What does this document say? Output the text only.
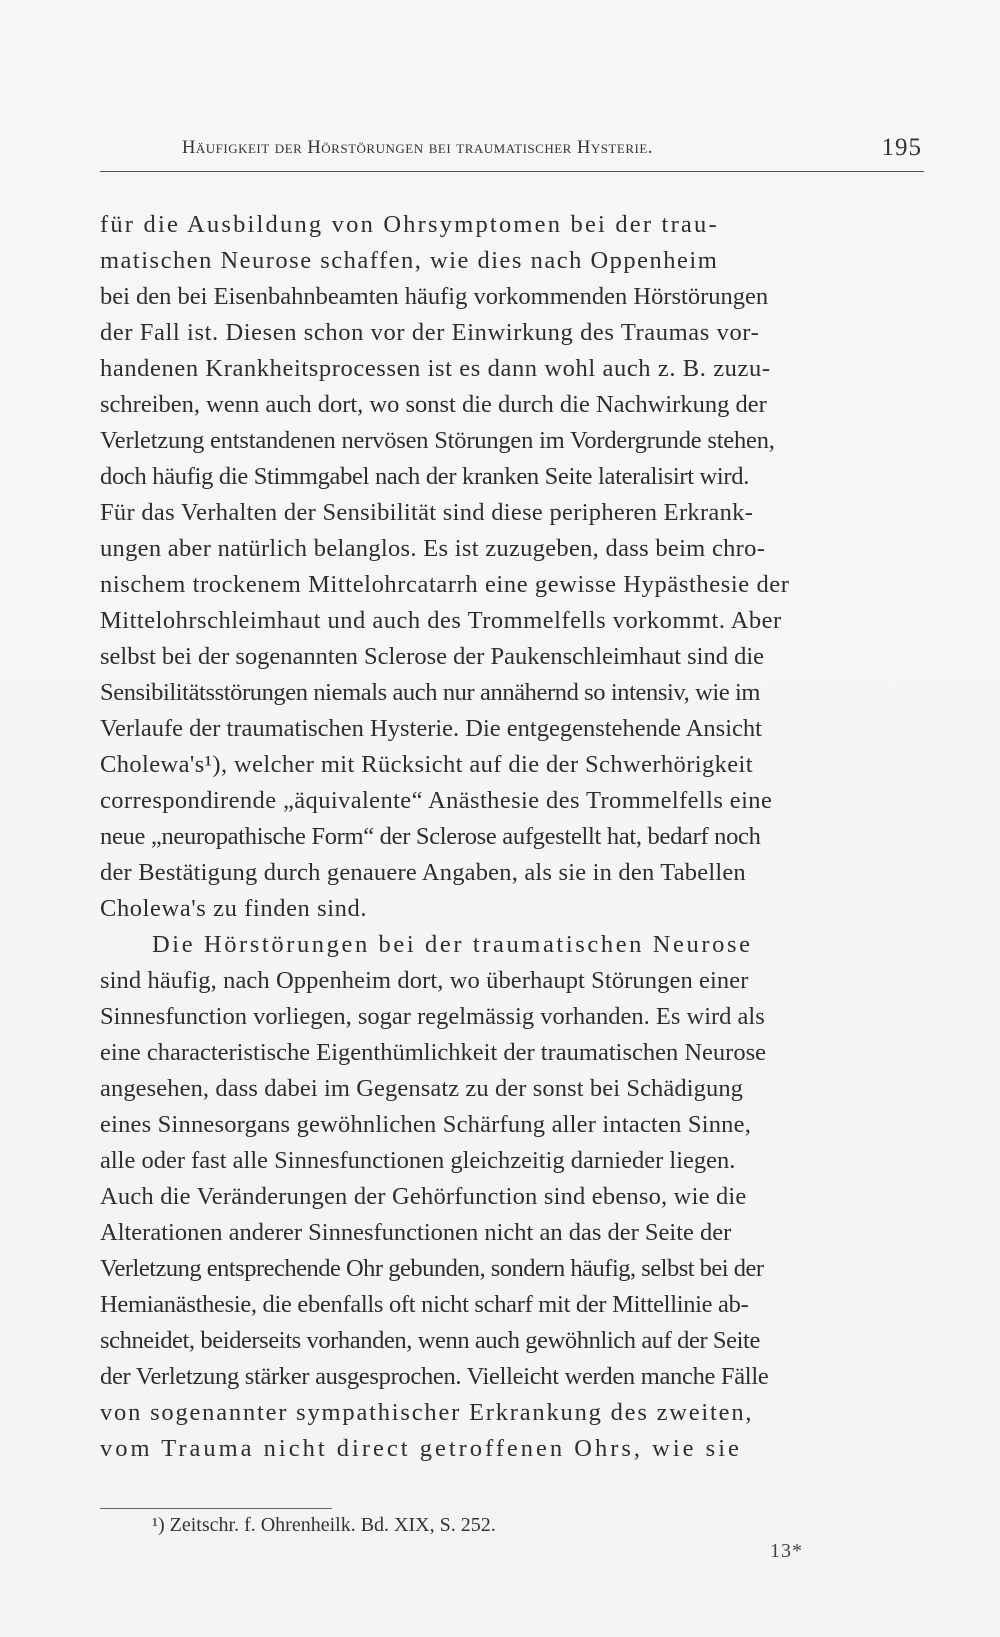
Häufigkeit der Hörstörungen bei traumatischer Hysterie.	195
für die Ausbildung von Ohrsymptomen bei der trau-
matischen Neurose schaffen, wie dies nach Oppenheim
bei den bei Eisenbahnbeamten häufig vorkommenden Hörstörungen
der Fall ist. Diesen schon vor der Einwirkung des Traumas vor-
handenen Krankheitsprocessen ist es dann wohl auch z. B. zuzu-
schreiben, wenn auch dort, wo sonst die durch die Nachwirkung der
Verletzung entstandenen nervösen Störungen im Vordergrunde stehen,
doch häufig die Stimmgabel nach der kranken Seite lateralisirt wird.
Für das Verhalten der Sensibilität sind diese peripheren Erkrank-
ungen aber natürlich belanglos. Es ist zuzugeben, dass beim chro-
nischem trockenem Mittelohrcatarrh eine gewisse Hypästhesie der
Mittelohrschleimhaut und auch des Trommelfells vorkommt. Aber
selbst bei der sogenannten Sclerose der Paukenschleimhaut sind die
Sensibilitätsstörungen niemals auch nur annähernd so intensiv, wie im
Verlaufe der traumatischen Hysterie. Die entgegenstehende Ansicht
Cholewa's¹), welcher mit Rücksicht auf die der Schwerhörigkeit
correspondirende „äquivalente“ Anästhesie des Trommelfells eine
neue „neuropathische Form“ der Sclerose aufgestellt hat, bedarf noch
der Bestätigung durch genauere Angaben, als sie in den Tabellen
Cholewa's zu finden sind.
Die Hörstörungen bei der traumatischen Neurose
sind häufig, nach Oppenheim dort, wo überhaupt Störungen einer
Sinnesfunction vorliegen, sogar regelmässig vorhanden. Es wird als
eine characteristische Eigenthümlichkeit der traumatischen Neurose
angesehen, dass dabei im Gegensatz zu der sonst bei Schädigung
eines Sinnesorgans gewöhnlichen Schärfung aller intacten Sinne,
alle oder fast alle Sinnesfunctionen gleichzeitig darnieder liegen.
Auch die Veränderungen der Gehörfunction sind ebenso, wie die
Alterationen anderer Sinnesfunctionen nicht an das der Seite der
Verletzung entsprechende Ohr gebunden, sondern häufig, selbst bei der
Hemianästhesie, die ebenfalls oft nicht scharf mit der Mittellinie ab-
schneidet, beiderseits vorhanden, wenn auch gewöhnlich auf der Seite
der Verletzung stärker ausgesprochen. Vielleicht werden manche Fälle
von sogenannter sympathischer Erkrankung des zweiten,
vom Trauma nicht direct getroffenen Ohrs, wie sie
¹) Zeitschr. f. Ohrenheilk. Bd. XIX, S. 252.
13*
